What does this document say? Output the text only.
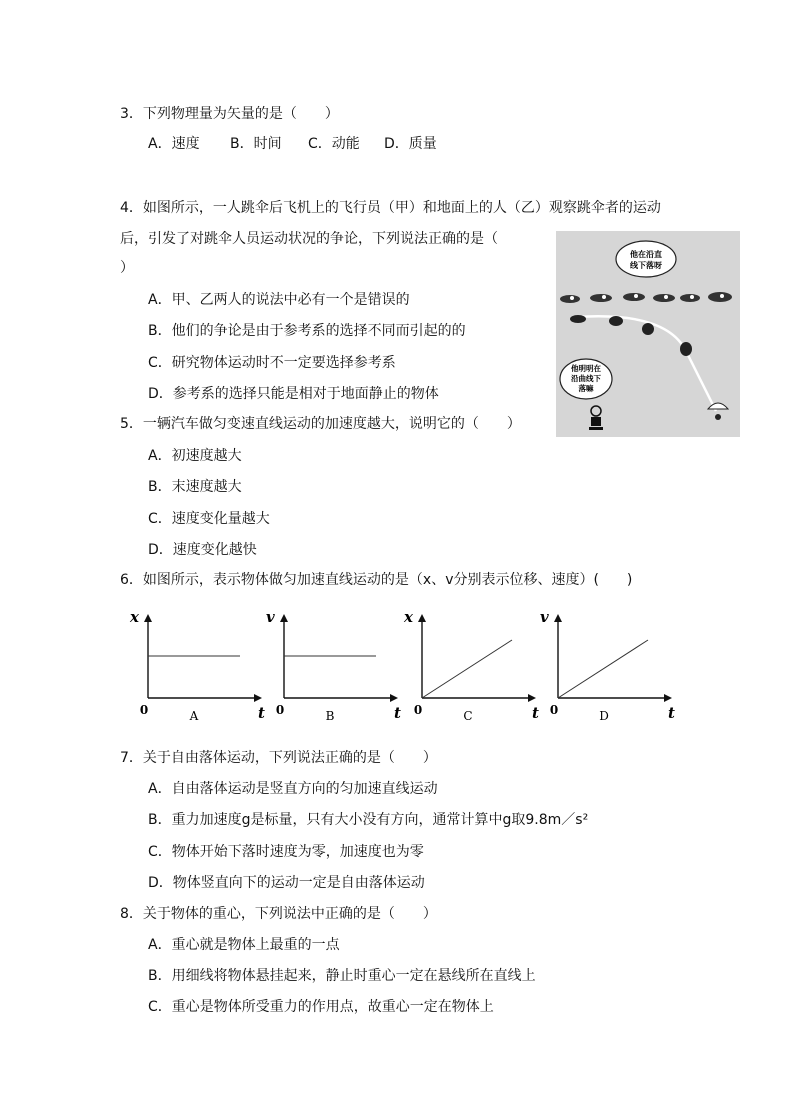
3．下列物理量为矢量的是（　　）
A．速度 B．时间 C．动能 D．质量
4．如图所示，一人跳伞后飞机上的飞行员（甲）和地面上的人（乙）观察跳伞者的运动
后，引发了对跳伞人员运动状况的争论，下列说法正确的是（
）
A．甲、乙两人的说法中必有一个是错误的
B．他们的争论是由于参考系的选择不同而引起的的
C．研究物体运动时不一定要选择参考系
D．参考系的选择只能是相对于地面静止的物体
他在沿直
线下落呀
他明明在
沿曲线下
落嘛
5．一辆汽车做匀变速直线运动的加速度越大，说明它的（　　）
A．初速度越大
B．末速度越大
C．速度变化量越大
D．速度变化越快
6．如图所示，表示物体做匀加速直线运动的是（x、v分别表示位移、速度）(　　)
x
t
0	A
v
t
0	B
x
t
0	C
v
t
0	D
7．关于自由落体运动，下列说法正确的是（　　）
A．自由落体运动是竖直方向的匀加速直线运动
B．重力加速度g是标量，只有大小没有方向，通常计算中g取9.8m／s²
C．物体开始下落时速度为零，加速度也为零
D．物体竖直向下的运动一定是自由落体运动
8．关于物体的重心，下列说法中正确的是（　　）
A．重心就是物体上最重的一点
B．用细线将物体悬挂起来，静止时重心一定在悬线所在直线上
C．重心是物体所受重力的作用点，故重心一定在物体上
